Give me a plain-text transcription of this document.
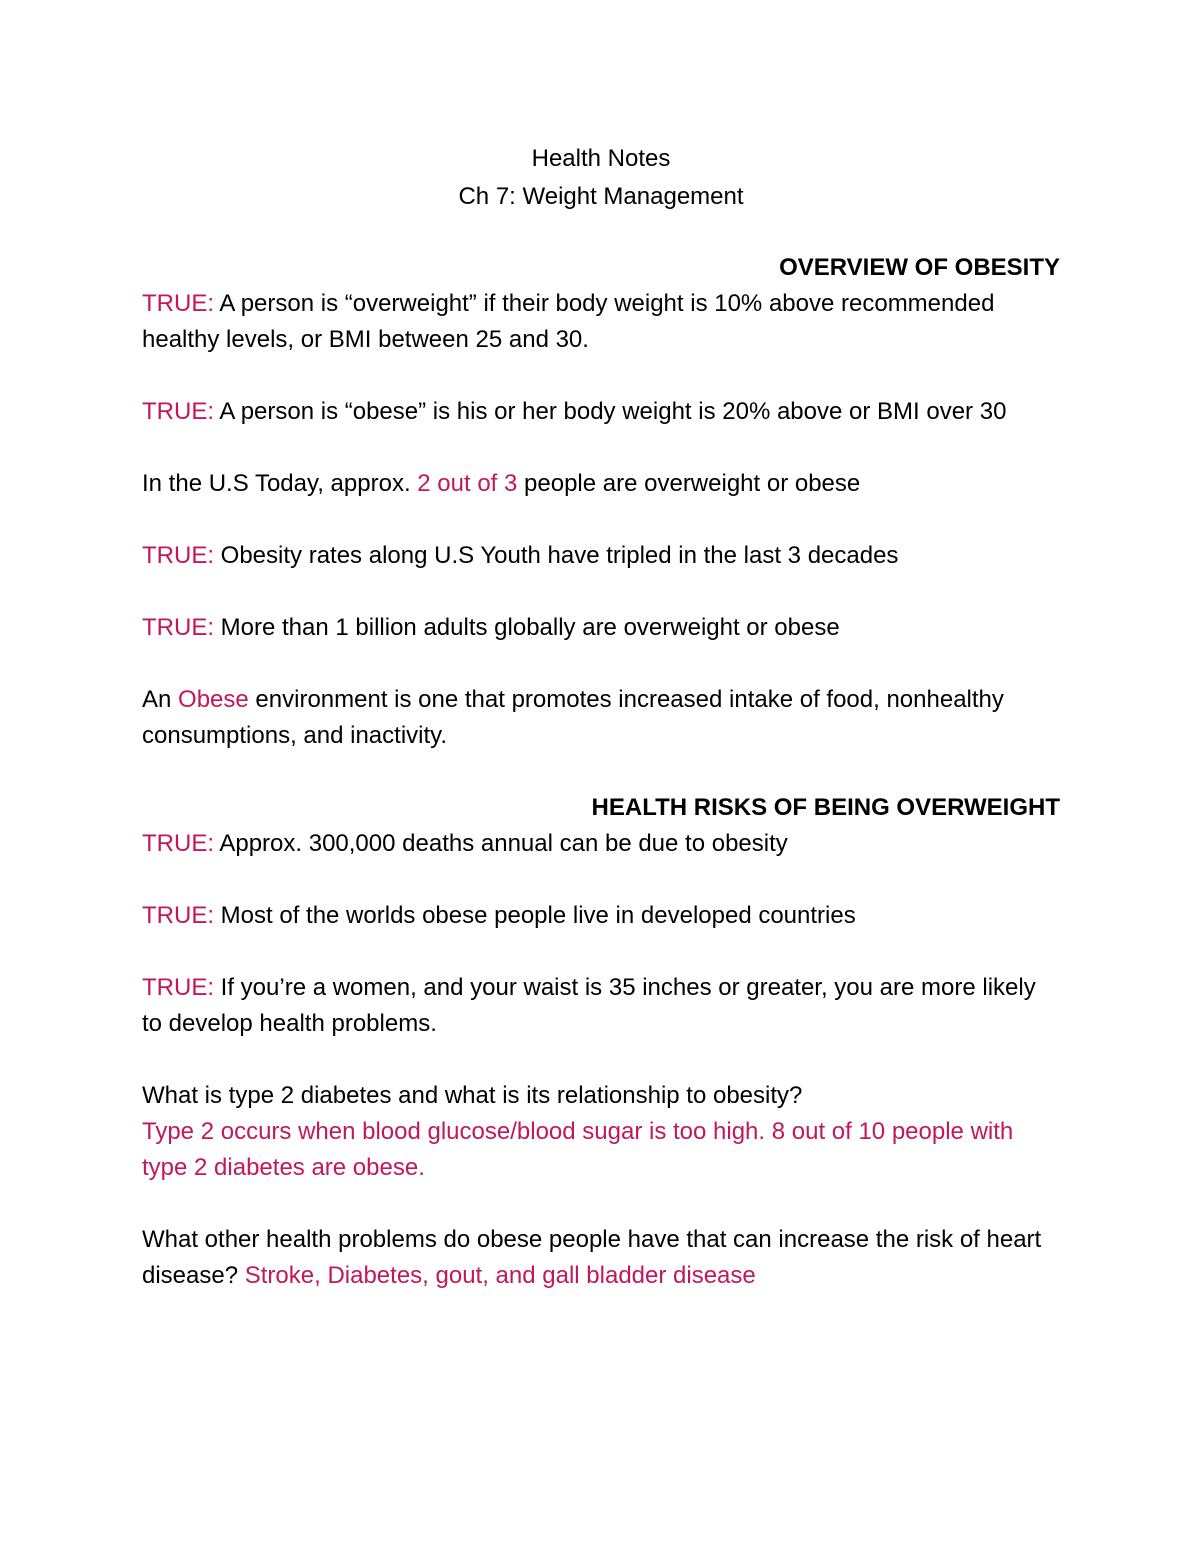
Health Notes
Ch 7: Weight Management
OVERVIEW OF OBESITY

TRUE: A person is “overweight” if their body weight is 10% above recommended healthy levels, or BMI between 25 and 30.

TRUE: A person is “obese” is his or her body weight is 20% above or BMI over 30

In the U.S Today, approx. 2 out of 3 people are overweight or obese

TRUE: Obesity rates along U.S Youth have tripled in the last 3 decades

TRUE: More than 1 billion adults globally are overweight or obese

An Obese environment is one that promotes increased intake of food, nonhealthy consumptions, and inactivity.

HEALTH RISKS OF BEING OVERWEIGHT

TRUE: Approx. 300,000 deaths annual can be due to obesity

TRUE: Most of the worlds obese people live in developed countries

TRUE: If you’re a women, and your waist is 35 inches or greater, you are more likely to develop health problems.

What is type 2 diabetes and what is its relationship to obesity?
Type 2 occurs when blood glucose/blood sugar is too high. 8 out of 10 people with type 2 diabetes are obese.

What other health problems do obese people have that can increase the risk of heart disease? Stroke, Diabetes, gout, and gall bladder disease
